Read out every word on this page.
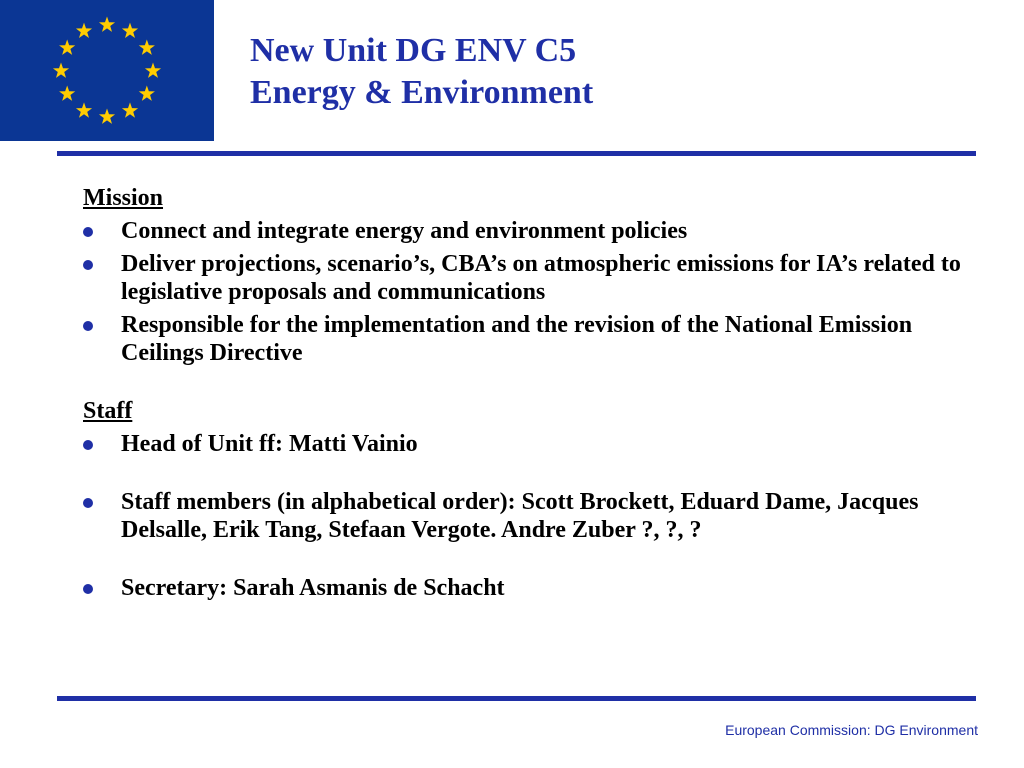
New Unit DG ENV C5
Energy & Environment
Mission
Connect and integrate energy and environment policies
Deliver projections, scenario’s, CBA’s on atmospheric emissions for IA’s related to legislative proposals and communications
Responsible for the implementation and the revision of the National Emission Ceilings Directive
Staff
Head of Unit ff: Matti Vainio
Staff members (in alphabetical order): Scott Brockett, Eduard Dame, Jacques Delsalle, Erik Tang, Stefaan Vergote. Andre Zuber ?, ?, ?
Secretary: Sarah Asmanis de Schacht
European Commission: DG Environment
